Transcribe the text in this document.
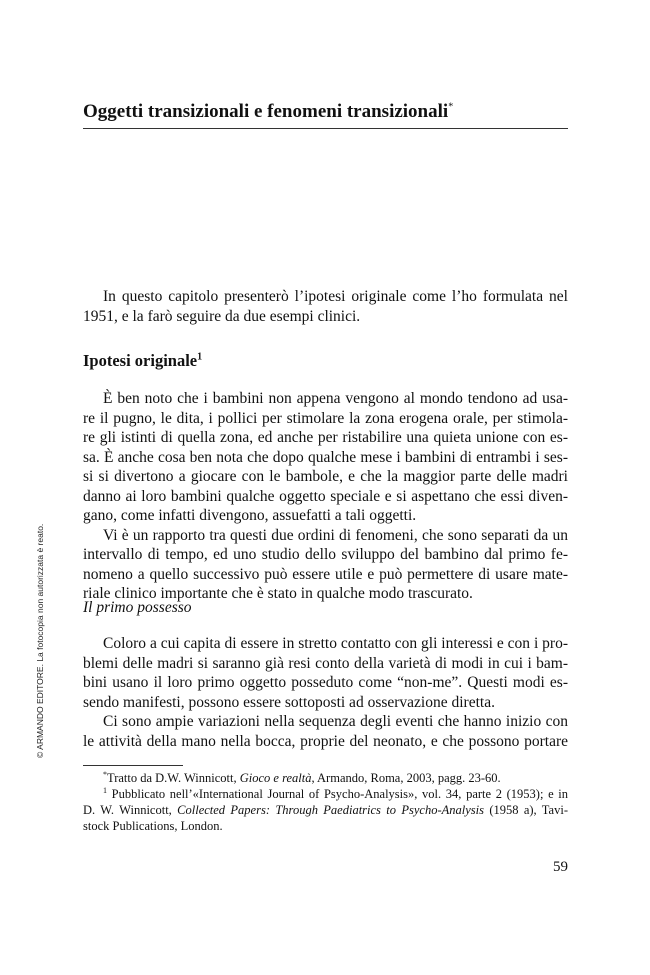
Oggetti transizionali e fenomeni transizionali*
In questo capitolo presenterò l’ipotesi originale come l’ho formulata nel
1951, e la farò seguire da due esempi clinici.
Ipotesi originale$^1$
È ben noto che i bambini non appena vengono al mondo tendono ad usa-
re il pugno, le dita, i pollici per stimolare la zona erogena orale, per stimola-
re gli istinti di quella zona, ed anche per ristabilire una quieta unione con es-
sa. È anche cosa ben nota che dopo qualche mese i bambini di entrambi i ses-
si si divertono a giocare con le bambole, e che la maggior parte delle madri
danno ai loro bambini qualche oggetto speciale e si aspettano che essi diven-
gano, come infatti divengono, assuefatti a tali oggetti.
Vi è un rapporto tra questi due ordini di fenomeni, che sono separati da un
intervallo di tempo, ed uno studio dello sviluppo del bambino dal primo fe-
nomeno a quello successivo può essere utile e può permettere di usare mate-
riale clinico importante che è stato in qualche modo trascurato.
Il primo possesso
Coloro a cui capita di essere in stretto contatto con gli interessi e con i pro-
blemi delle madri si saranno già resi conto della varietà di modi in cui i bam-
bini usano il loro primo oggetto posseduto come “non-me”. Questi modi es-
sendo manifesti, possono essere sottoposti ad osservazione diretta.
Ci sono ampie variazioni nella sequenza degli eventi che hanno inizio con
le attività della mano nella bocca, proprie del neonato, e che possono portare
*Tratto da D.W. Winnicott, Gioco e realtà, Armando, Roma, 2003, pagg. 23-60.
$^1$ Pubblicato nell’«International Journal of Psycho-Analysis», vol. 34, parte 2 (1953); e in
D. W. Winnicott, Collected Papers: Through Paediatrics to Psycho-Analysis (1958 a), Tavi-
stock Publications, London.
59
© ARMANDO EDITORE. La fotocopia non autorizzata è reato.
